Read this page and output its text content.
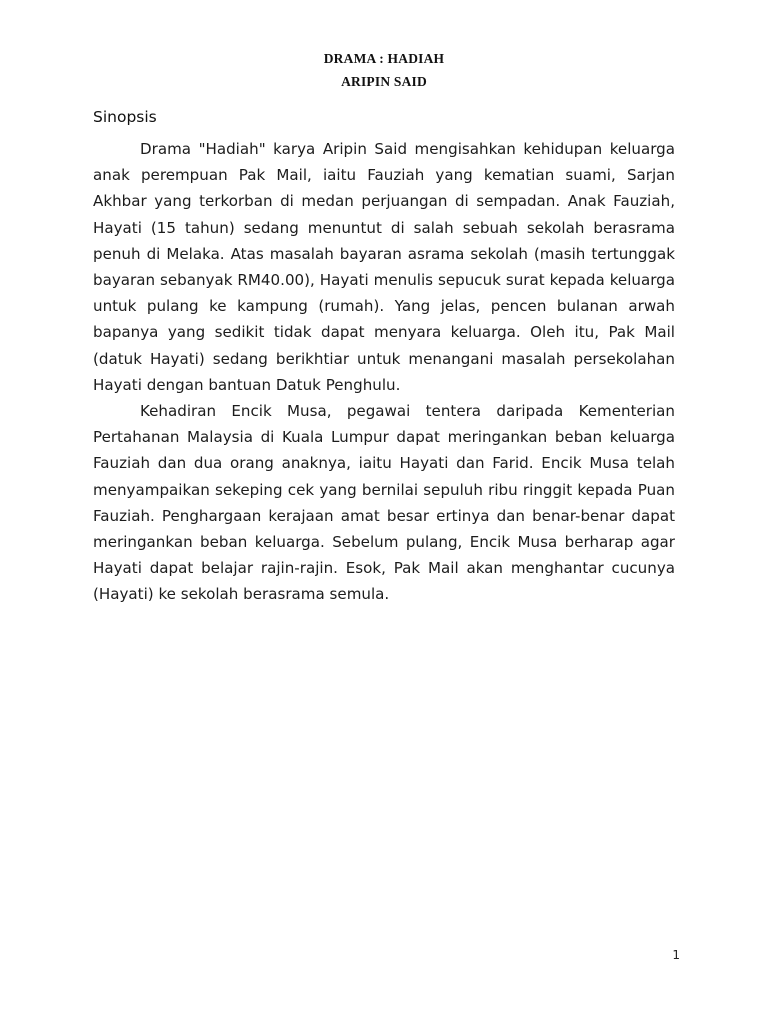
DRAMA : HADIAH
ARIPIN SAID
Sinopsis

Drama "Hadiah" karya Aripin Said mengisahkan kehidupan keluarga anak perempuan Pak Mail, iaitu Fauziah yang kematian suami, Sarjan Akhbar yang terkorban di medan perjuangan di sempadan. Anak Fauziah, Hayati (15 tahun) sedang menuntut di salah sebuah sekolah berasrama penuh di Melaka. Atas masalah bayaran asrama sekolah (masih tertunggak bayaran sebanyak RM40.00), Hayati menulis sepucuk surat kepada keluarga untuk pulang ke kampung (rumah). Yang jelas, pencen bulanan arwah bapanya yang sedikit tidak dapat menyara keluarga. Oleh itu, Pak Mail (datuk Hayati) sedang berikhtiar untuk menangani masalah persekolahan Hayati dengan bantuan Datuk Penghulu.

Kehadiran Encik Musa, pegawai tentera daripada Kementerian Pertahanan Malaysia di Kuala Lumpur dapat meringankan beban keluarga Fauziah dan dua orang anaknya, iaitu Hayati dan Farid. Encik Musa telah menyampaikan sekeping cek yang bernilai sepuluh ribu ringgit kepada Puan Fauziah. Penghargaan kerajaan amat besar ertinya dan benar-benar dapat meringankan beban keluarga. Sebelum pulang, Encik Musa berharap agar Hayati dapat belajar rajin-rajin. Esok, Pak Mail akan menghantar cucunya (Hayati) ke sekolah berasrama semula.

1
